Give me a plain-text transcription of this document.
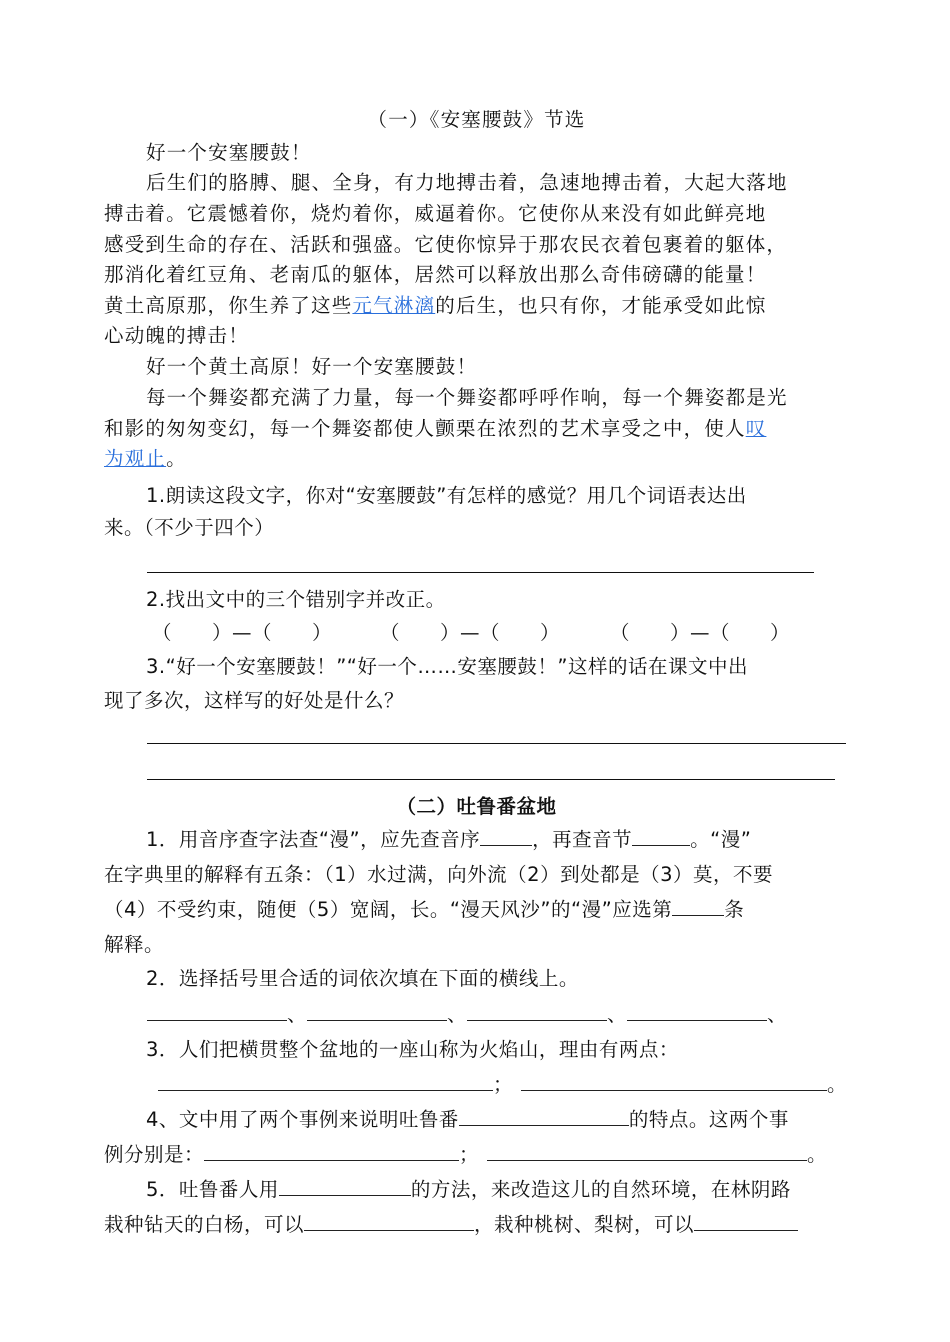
（一）《安塞腰鼓》节选
好一个安塞腰鼓！
后生们的胳膊、腿、全身，有力地搏击着，急速地搏击着，大起大落地
搏击着。它震憾着你，烧灼着你，威逼着你。它使你从来没有如此鲜亮地
感受到生命的存在、活跃和强盛。它使你惊异于那农民衣着包裹着的躯体，
那消化着红豆角、老南瓜的躯体，居然可以释放出那么奇伟磅礴的能量！
黄土高原那，你生养了这些元气淋漓的后生，也只有你，才能承受如此惊
心动魄的搏击！
好一个黄土高原！好一个安塞腰鼓！
每一个舞姿都充满了力量，每一个舞姿都呼呼作响，每一个舞姿都是光
和影的匆匆变幻，每一个舞姿都使人颤栗在浓烈的艺术享受之中，使人叹
为观止。
1.朗读这段文字，你对“安塞腰鼓”有怎样的感觉？用几个词语表达出
来。（不少于四个）
2.找出文中的三个错别字并改正。
（　　）—（　　） （　　）—（　　）	（　　）—（　　）
3.“好一个安塞腰鼓！”“好一个……安塞腰鼓！”这样的话在课文中出
现了多次，这样写的好处是什么？
（二）吐鲁番盆地
1．用音序查字法查“漫”，应先查音序	，再查音节	。“漫”
在字典里的解释有五条：（1）水过满，向外流（2）到处都是（3）莫，不要
（4）不受约束，随便（5）宽阔，长。“漫天风沙”的“漫”应选第	条
解释。
2．选择括号里合适的词依次填在下面的横线上。
、	、	、	、
3．人们把横贯整个盆地的一座山称为火焰山，理由有两点：
；	。
4、文中用了两个事例来说明吐鲁番	的特点。这两个事
例分别是：	；	。
5．吐鲁番人用	的方法，来改造这儿的自然环境，在林阴路
栽种钻天的白杨，可以	，栽种桃树、梨树，可以
